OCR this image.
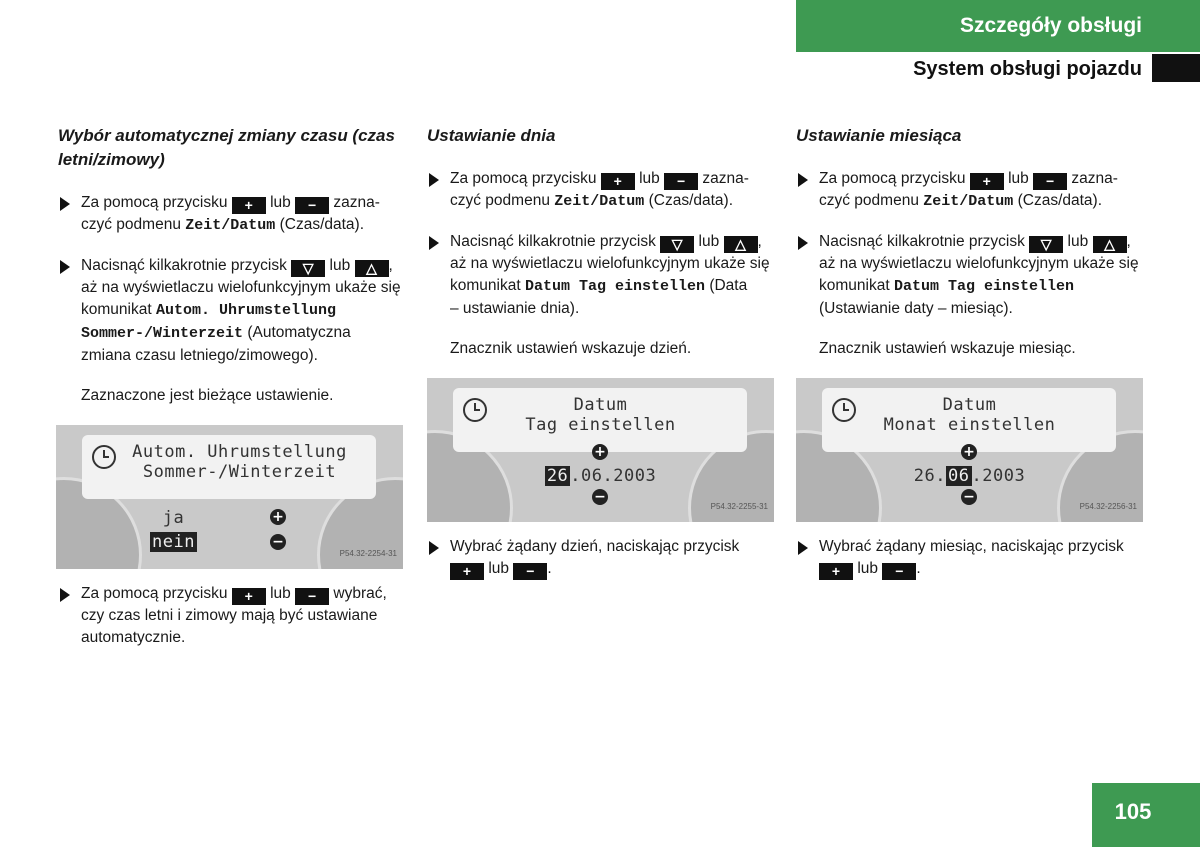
Szczegóły obsługi
System obsługi pojazdu
Wybór automatycznej zmiany czasu (czas letni/zimowy)
Za pomocą przycisku + lub − zazna-
czyć podmenu Zeit/Datum (Czas/data).
Nacisnąć kilkakrotnie przycisk ▽ lub △ ,
aż na wyświetlaczu wielofunkcyjnym ukaże się
komunikat Autom. Uhrumstellung
Sommer-/Winterzeit (Automatyczna
zmiana czasu letniego/zimowego).
Zaznaczone jest bieżące ustawienie.
Autom. Uhrumstellung
Sommer-/Winterzeit
ja
nein
+
−
P54.32-2254-31
Za pomocą przycisku + lub − wybrać,
czy czas letni i zimowy mają być ustawiane
automatycznie.
Ustawianie dnia
Za pomocą przycisku + lub − zazna-
czyć podmenu Zeit/Datum (Czas/data).
Nacisnąć kilkakrotnie przycisk ▽ lub △ ,
aż na wyświetlaczu wielofunkcyjnym ukaże się
komunikat Datum Tag einstellen (Data
– ustawianie dnia).
Znacznik ustawień wskazuje dzień.
Datum
Tag einstellen
+
26 .06.2003
−
P54.32-2255-31
Wybrać żądany dzień, naciskając przycisk
+ lub − .
Ustawianie miesiąca
Za pomocą przycisku + lub − zazna-
czyć podmenu Zeit/Datum (Czas/data).
Nacisnąć kilkakrotnie przycisk ▽ lub △ ,
aż na wyświetlaczu wielofunkcyjnym ukaże się
komunikat Datum Tag einstellen
(Ustawianie daty – miesiąc).
Znacznik ustawień wskazuje miesiąc.
Datum
Monat einstellen
+
26. 06 .2003
−
P54.32-2256-31
Wybrać żądany miesiąc, naciskając przycisk
+ lub − .
105
